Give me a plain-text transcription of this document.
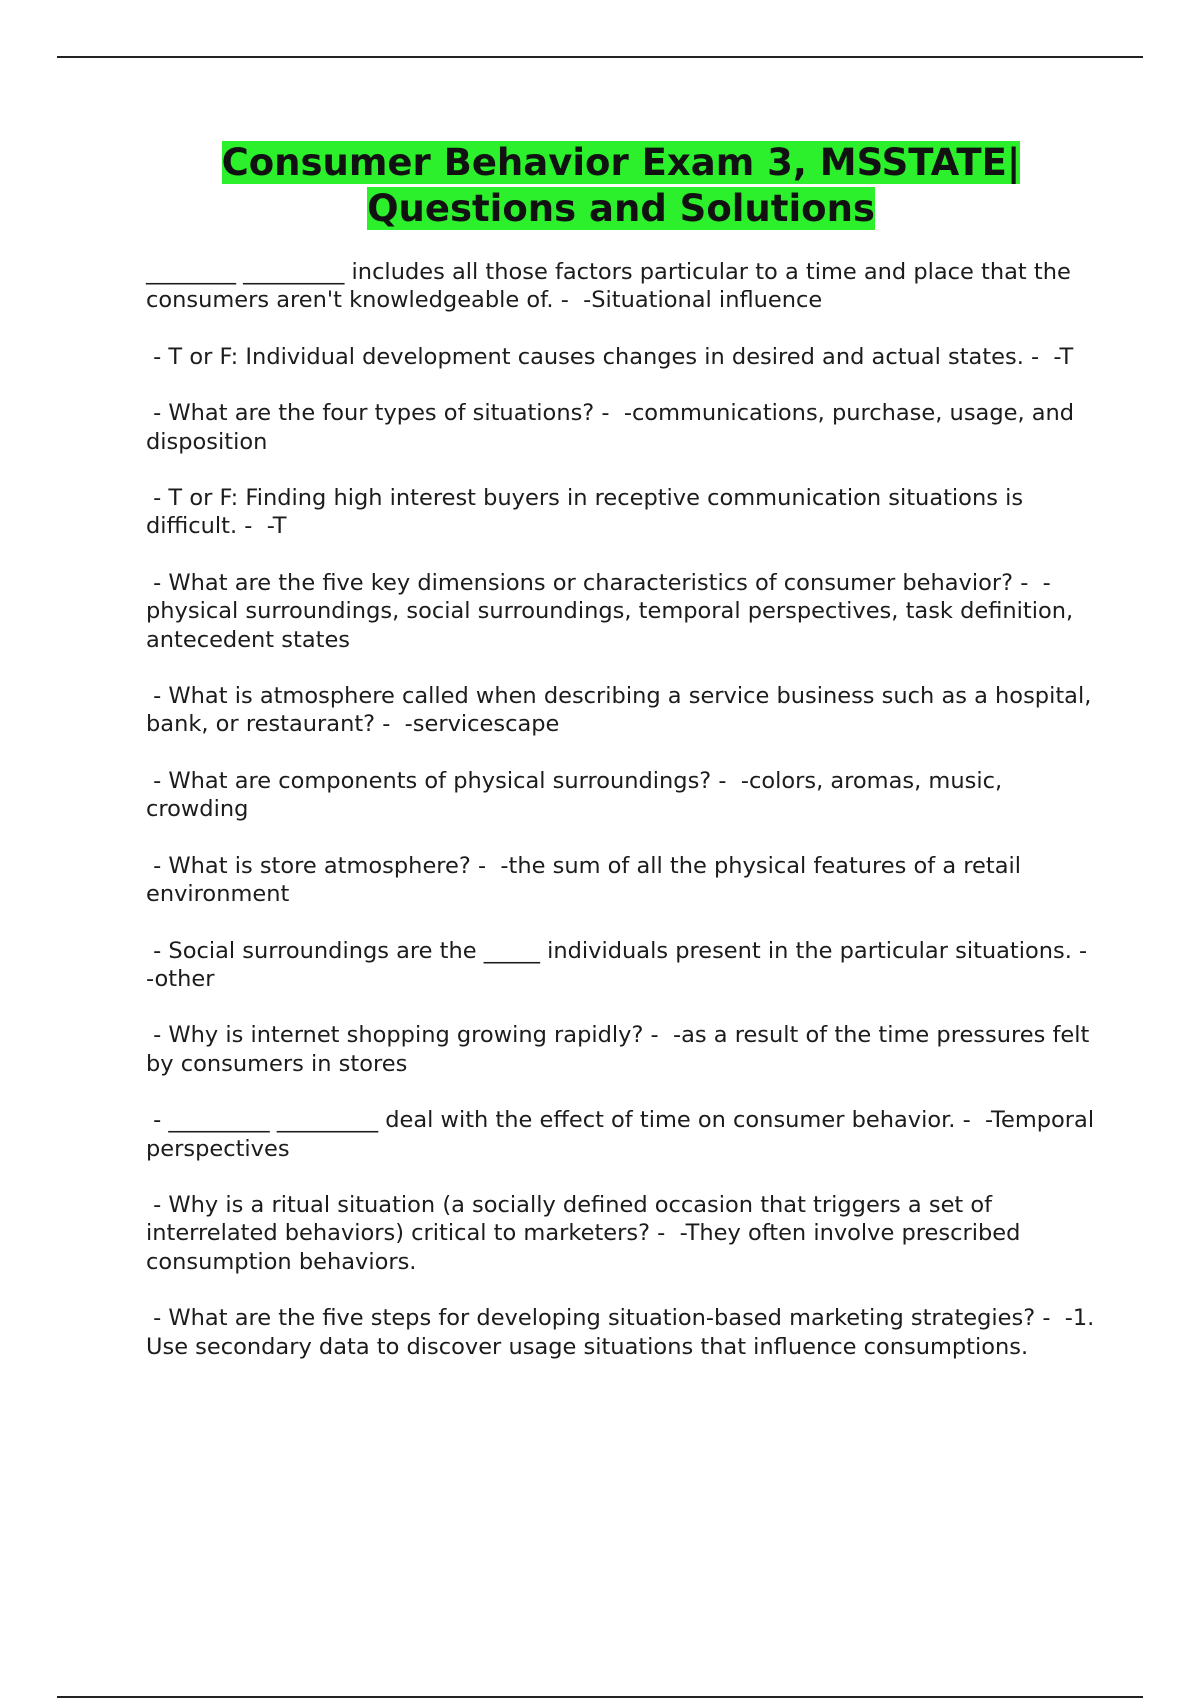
Consumer Behavior Exam 3, MSSTATE|
Questions and Solutions

________ _________ includes all those factors particular to a time and place that the consumers aren't knowledgeable of. -  -Situational influence

- T or F: Individual development causes changes in desired and actual states. -  -T

- What are the four types of situations? -  -communications, purchase, usage, and disposition

- T or F: Finding high interest buyers in receptive communication situations is difficult. -  -T

- What are the five key dimensions or characteristics of consumer behavior? -  -physical surroundings, social surroundings, temporal perspectives, task definition, antecedent states

- What is atmosphere called when describing a service business such as a hospital, bank, or restaurant? -  -servicescape

- What are components of physical surroundings? -  -colors, aromas, music, crowding

- What is store atmosphere? -  -the sum of all the physical features of a retail environment

- Social surroundings are the _____ individuals present in the particular situations. -  -other

- Why is internet shopping growing rapidly? -  -as a result of the time pressures felt by consumers in stores

- _________ _________ deal with the effect of time on consumer behavior. -  -Temporal perspectives

- Why is a ritual situation (a socially defined occasion that triggers a set of interrelated behaviors) critical to marketers? -  -They often involve prescribed consumption behaviors.

- What are the five steps for developing situation-based marketing strategies? -  -1. Use secondary data to discover usage situations that influence consumptions.
